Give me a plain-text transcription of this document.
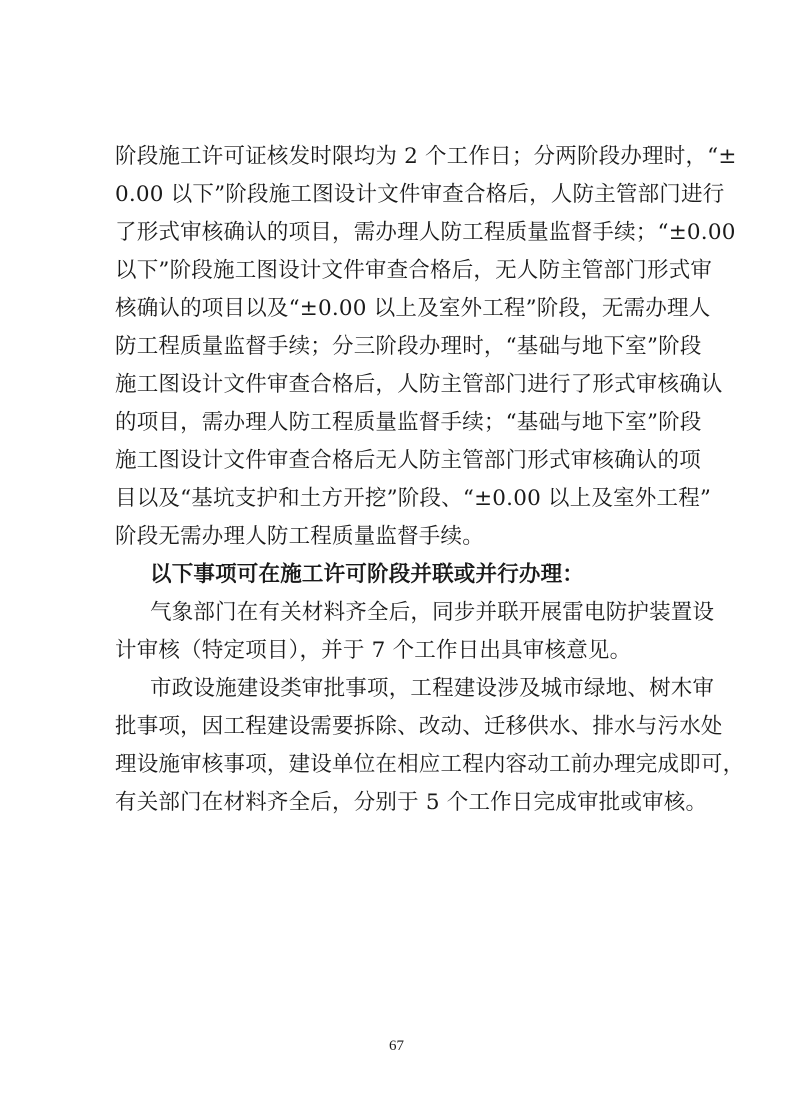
阶段施工许可证核发时限均为 2 个工作日；分两阶段办理时，“±
0.00 以下”阶段施工图设计文件审查合格后，人防主管部门进行
了形式审核确认的项目，需办理人防工程质量监督手续；“±0.00
以下”阶段施工图设计文件审查合格后，无人防主管部门形式审
核确认的项目以及“±0.00 以上及室外工程”阶段，无需办理人
防工程质量监督手续；分三阶段办理时，“基础与地下室”阶段
施工图设计文件审查合格后，人防主管部门进行了形式审核确认
的项目，需办理人防工程质量监督手续；“基础与地下室”阶段
施工图设计文件审查合格后无人防主管部门形式审核确认的项
目以及“基坑支护和土方开挖”阶段、“±0.00 以上及室外工程”
阶段无需办理人防工程质量监督手续。
以下事项可在施工许可阶段并联或并行办理：
气象部门在有关材料齐全后，同步并联开展雷电防护装置设
计审核（特定项目），并于 7 个工作日出具审核意见。
市政设施建设类审批事项，工程建设涉及城市绿地、树木审
批事项，因工程建设需要拆除、改动、迁移供水、排水与污水处
理设施审核事项，建设单位在相应工程内容动工前办理完成即可，
有关部门在材料齐全后，分别于 5 个工作日完成审批或审核。
67
